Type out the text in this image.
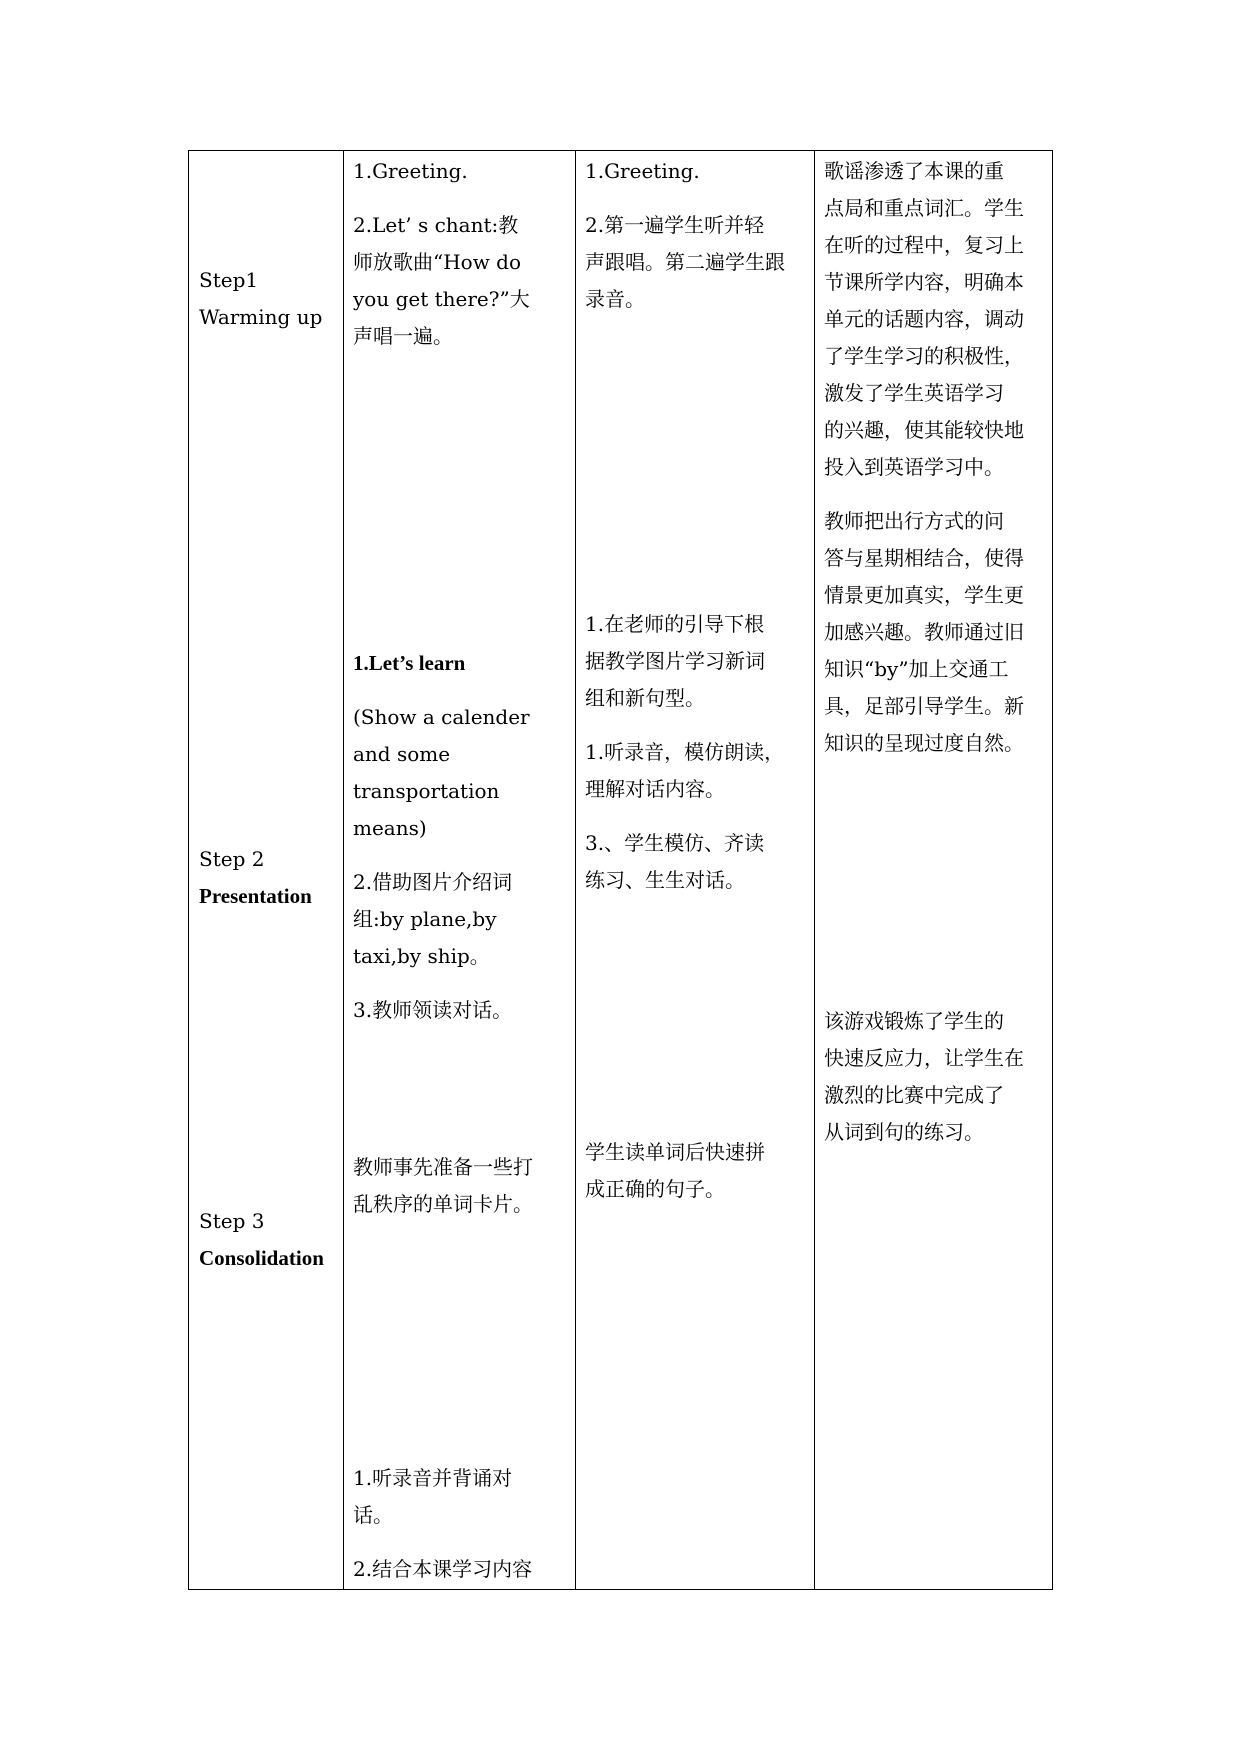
Step1
Warming up
Step 2
Presentation
Step 3
Consolidation
1.Greeting.
2.Let’ s chant:教
师放歌曲“How do
you get there?”大
声唱一遍。
1.Let’s learn
(Show a calender
and some
transportation
means)
2.借助图片介绍词
组:by plane,by
taxi,by ship。
3.教师领读对话。
教师事先准备一些打
乱秩序的单词卡片。
1.听录音并背诵对
话。
2.结合本课学习内容
1.Greeting.
2.第一遍学生听并轻
声跟唱。第二遍学生跟
录音。
1.在老师的引导下根
据教学图片学习新词
组和新句型。
1.听录音，模仿朗读，
理解对话内容。
3.、学生模仿、齐读
练习、生生对话。
学生读单词后快速拼
成正确的句子。
歌谣渗透了本课的重
点局和重点词汇。学生
在听的过程中，复习上
节课所学内容，明确本
单元的话题内容，调动
了学生学习的积极性，
激发了学生英语学习
的兴趣，使其能较快地
投入到英语学习中。
教师把出行方式的问
答与星期相结合，使得
情景更加真实，学生更
加感兴趣。教师通过旧
知识“by”加上交通工
具，足部引导学生。新
知识的呈现过度自然。
该游戏锻炼了学生的
快速反应力，让学生在
激烈的比赛中完成了
从词到句的练习。
